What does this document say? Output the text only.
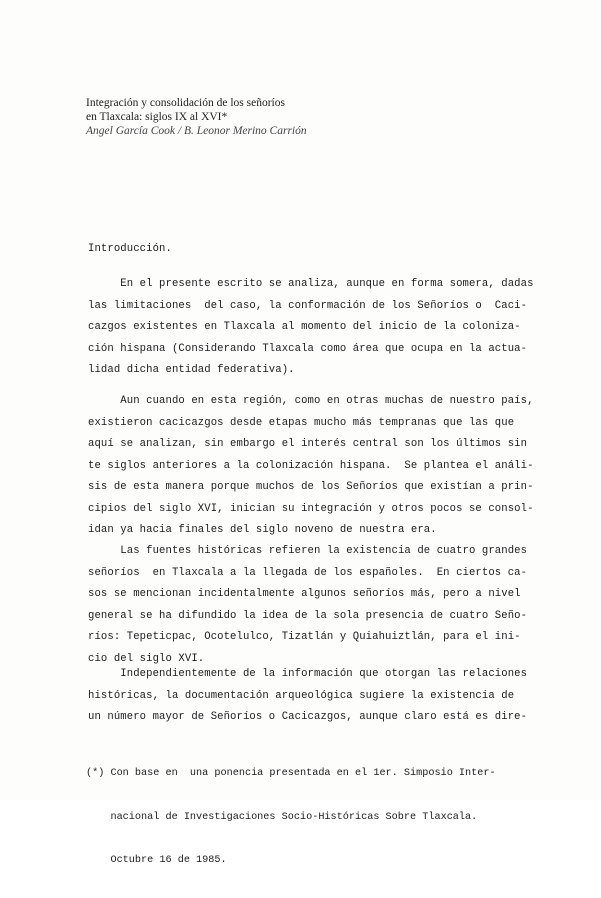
Integración y consolidación de los señoríos
en Tlaxcala: siglos IX al XVI*
Angel García Cook / B. Leonor Merino Carrión
Introducción.
En el presente escrito se analiza, aunque en forma somera, dadas
las limitaciones  del caso, la conformación de los Señoríos o  Caci-
cazgos existentes en Tlaxcala al momento del inicio de la coloniza-
ción hispana (Considerando Tlaxcala como área que ocupa en la actua-
lidad dicha entidad federativa).
Aun cuando en esta región, como en otras muchas de nuestro país,
existieron cacicazgos desde etapas mucho más tempranas que las que
aquí se analizan, sin embargo el interés central son los últimos sin
te siglos anteriores a la colonización hispana.  Se plantea el análi-
sis de esta manera porque muchos de los Señoríos que existían a prin-
cipios del siglo XVI, inician su integración y otros pocos se consol-
idan ya hacia finales del siglo noveno de nuestra era.
Las fuentes históricas refieren la existencia de cuatro grandes
señoríos  en Tlaxcala a la llegada de los españoles.  En ciertos ca-
sos se mencionan incidentalmente algunos señoríos más, pero a nivel
general se ha difundido la idea de la sola presencia de cuatro Seño-
ríos: Tepeticpac, Ocotelulco, Tizatlán y Quiahuiztlán, para el ini-
cio del siglo XVI.
Independientemente de la información que otorgan las relaciones
históricas, la documentación arqueológica sugiere la existencia de
un número mayor de Señoríos o Cacicazgos, aunque claro está es dire-

(*) Con base en  una ponencia presentada en el 1er. Simposio Inter-

nacional de Investigaciones Socio-Históricas Sobre Tlaxcala.

Octubre 16 de 1985.
